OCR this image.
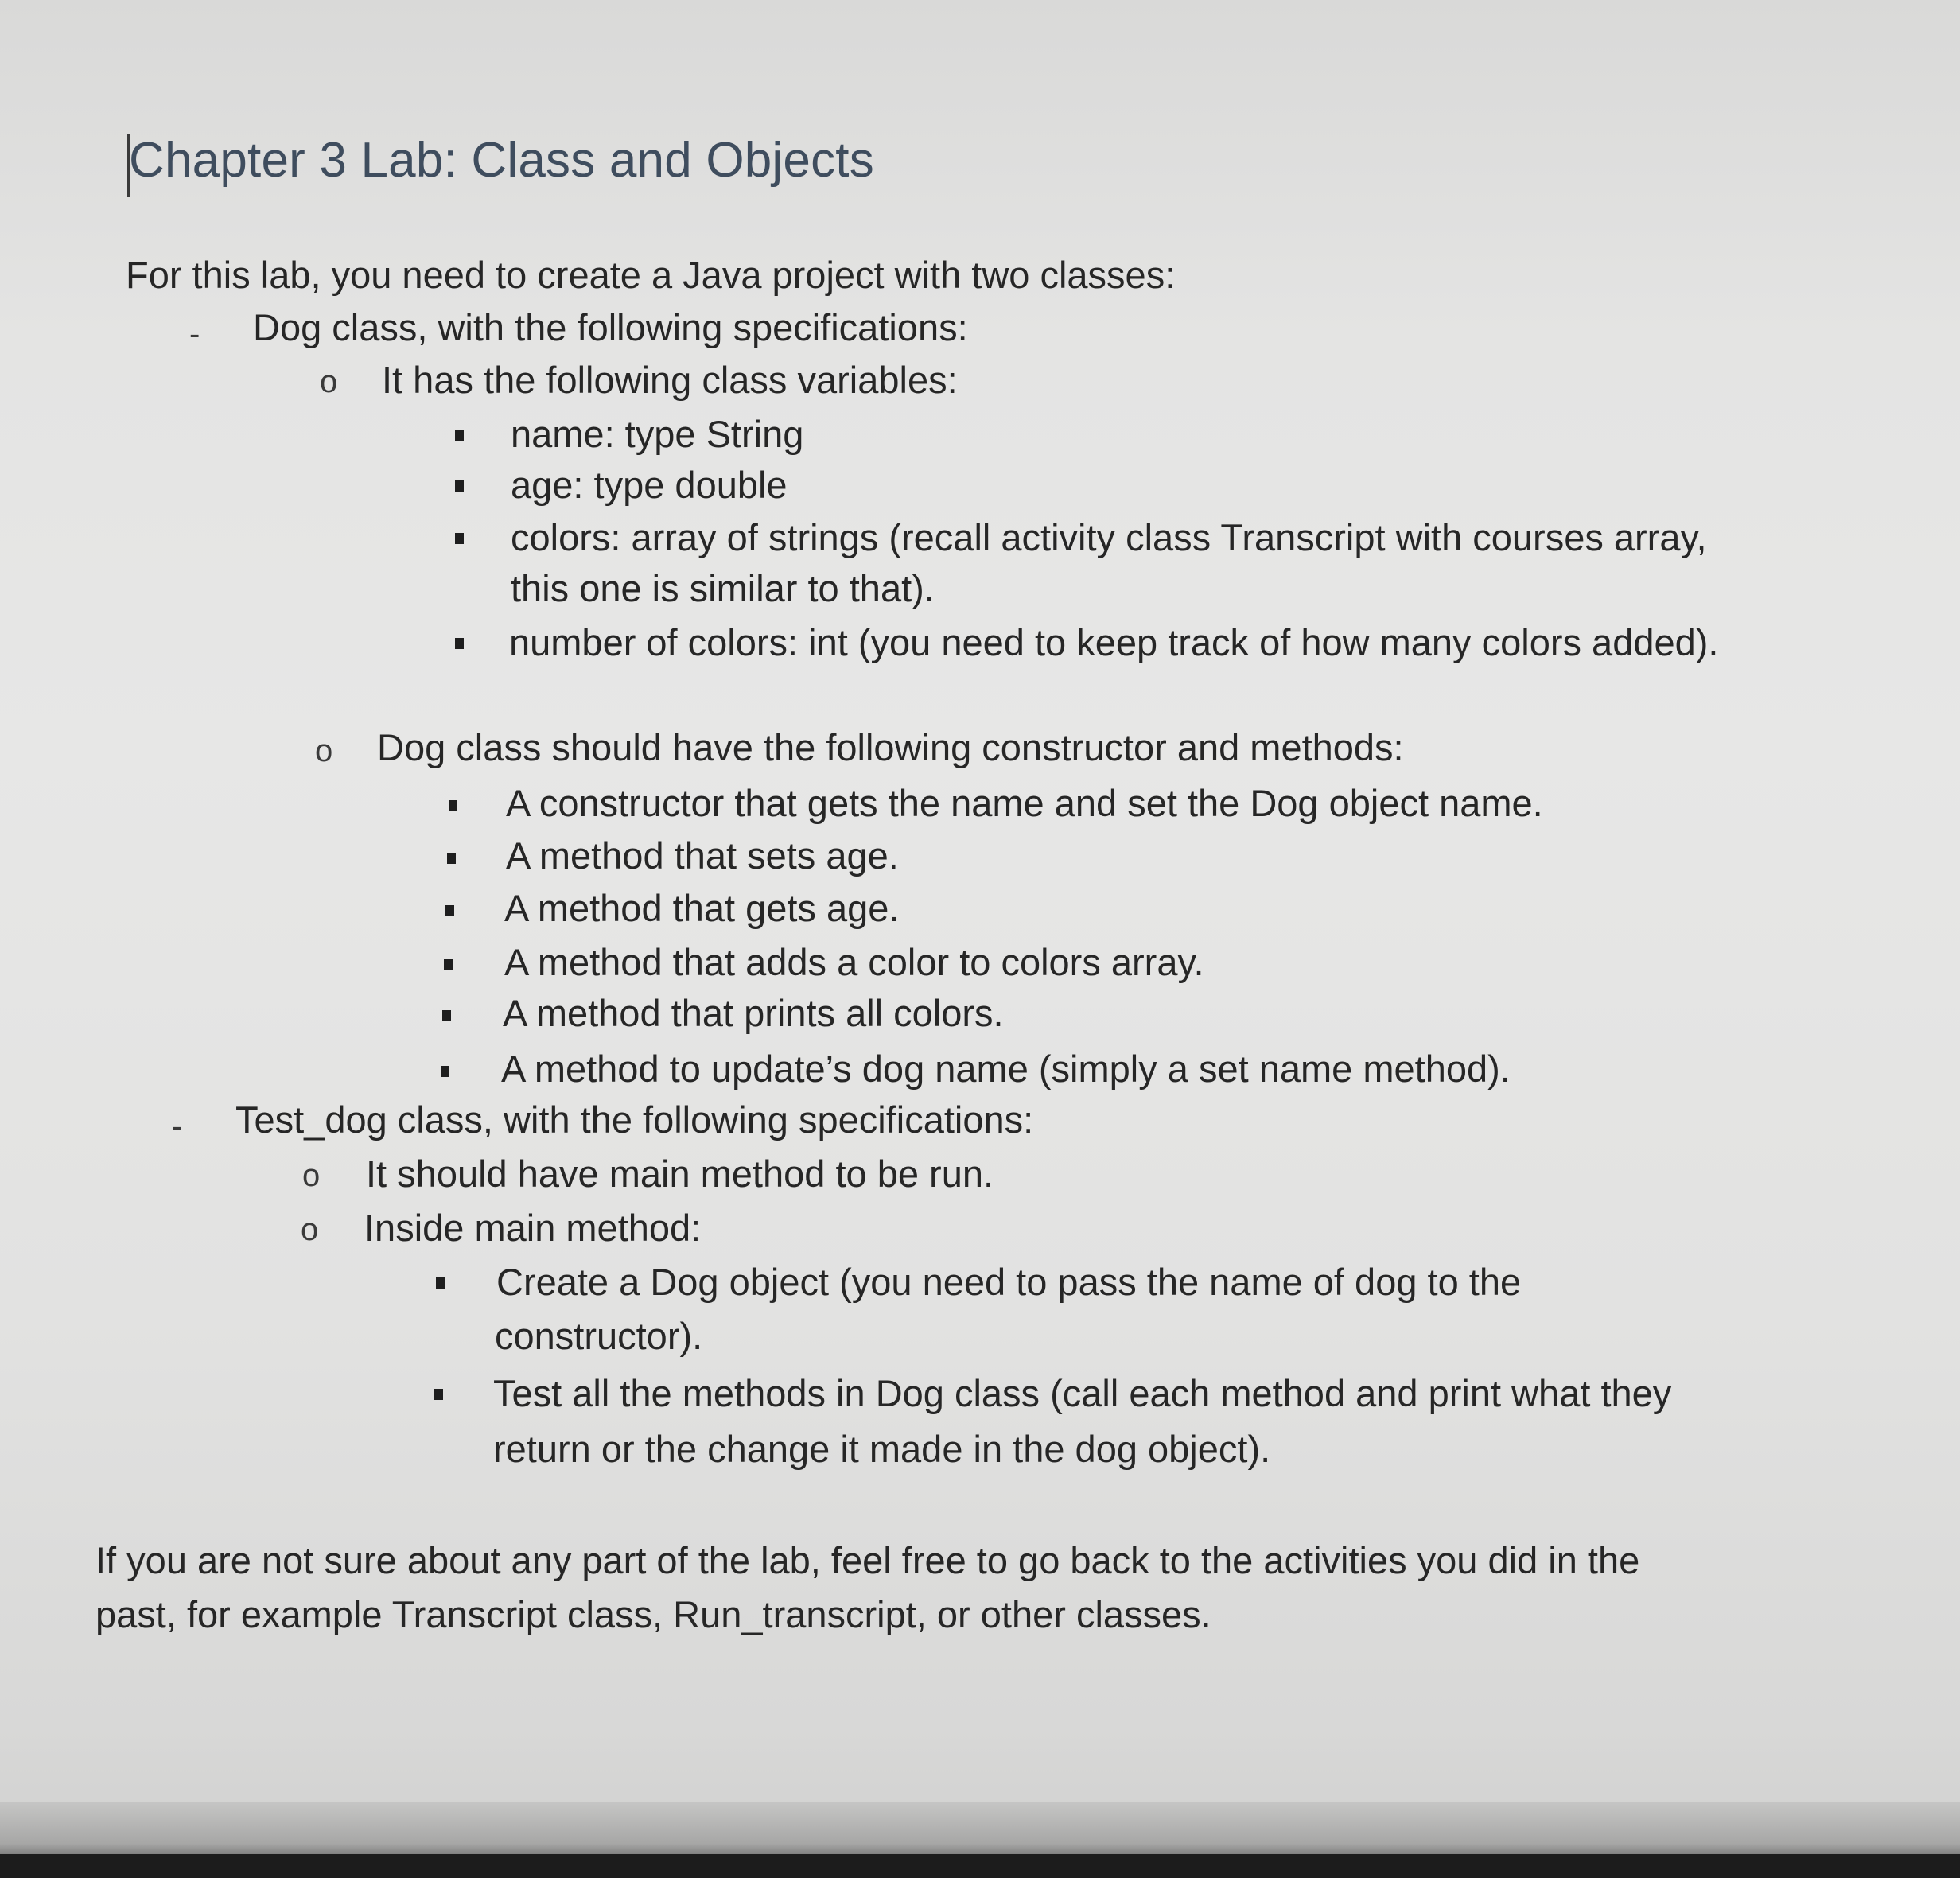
Chapter 3 Lab: Class and Objects
For this lab, you need to create a Java project with two classes:
- Dog class, with the following specifications:
o It has the following class variables:
name: type String
age: type double
colors: array of strings (recall activity class Transcript with courses array,
this one is similar to that).
number of colors: int (you need to keep track of how many colors added).
o Dog class should have the following constructor and methods:
A constructor that gets the name and set the Dog object name.
A method that sets age.
A method that gets age.
A method that adds a color to colors array.
A method that prints all colors.
A method to update’s dog name (simply a set name method).
- Test_dog class, with the following specifications:
o It should have main method to be run.
o Inside main method:
Create a Dog object (you need to pass the name of dog to the
constructor).
Test all the methods in Dog class (call each method and print what they
return or the change it made in the dog object).
If you are not sure about any part of the lab, feel free to go back to the activities you did in the
past, for example Transcript class, Run_transcript, or other classes.
